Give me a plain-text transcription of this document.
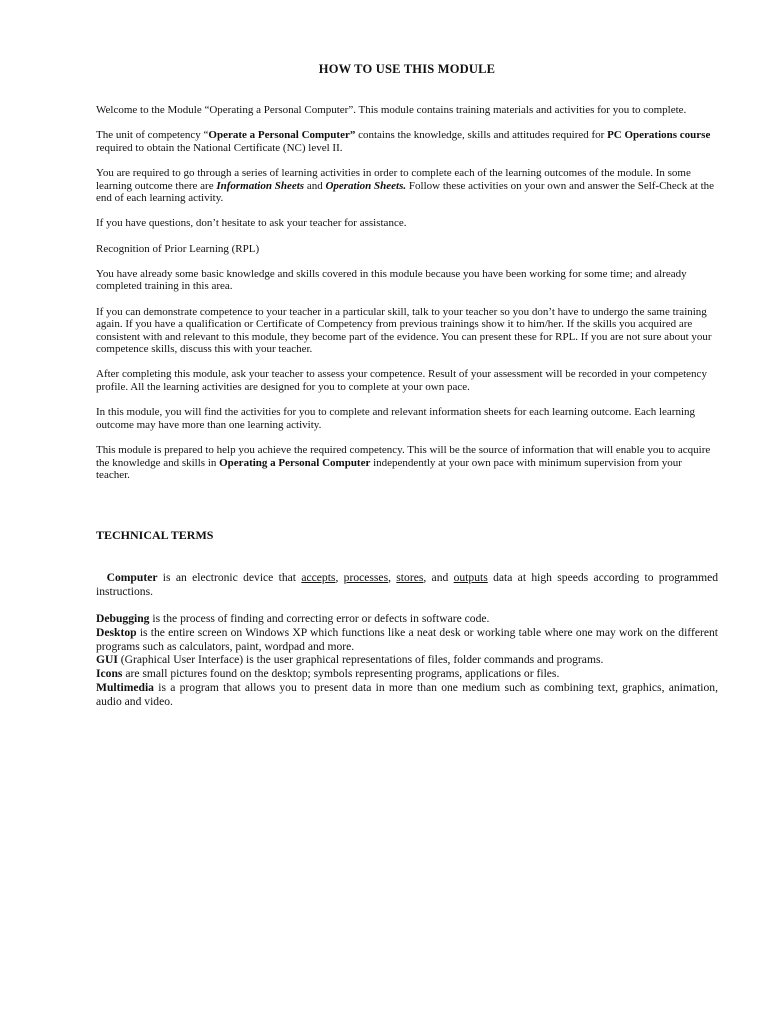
HOW TO USE THIS MODULE

Welcome to the Module “Operating a Personal Computer”. This module contains training materials and activities for you to complete.

The unit of competency “Operate a Personal Computer” contains the knowledge, skills and attitudes required for PC Operations course required to obtain the National Certificate (NC) level II.

You are required to go through a series of learning activities in order to complete each of the learning outcomes of the module. In some learning outcome there are Information Sheets and Operation Sheets. Follow these activities on your own and answer the Self-Check at the end of each learning activity.

If you have questions, don’t hesitate to ask your teacher for assistance.

Recognition of Prior Learning (RPL)

You have already some basic knowledge and skills covered in this module because you have been working for some time; and already completed training in this area.

If you can demonstrate competence to your teacher in a particular skill, talk to your teacher so you don’t have to undergo the same training again. If you have a qualification or Certificate of Competency from previous trainings show it to him/her. If the skills you acquired are consistent with and relevant to this module, they become part of the evidence. You can present these for RPL. If you are not sure about your competence skills, discuss this with your teacher.

After completing this module, ask your teacher to assess your competence. Result of your assessment will be recorded in your competency profile. All the learning activities are designed for you to complete at your own pace.

In this module, you will find the activities for you to complete and relevant information sheets for each learning outcome. Each learning outcome may have more than one learning activity.

This module is prepared to help you achieve the required competency. This will be the source of information that will enable you to acquire the knowledge and skills in Operating a Personal Computer independently at your own pace with minimum supervision from your teacher.

TECHNICAL TERMS

Computer is an electronic device that accepts, processes, stores, and outputs data at high speeds according to programmed instructions.

Debugging is the process of finding and correcting error or defects in software code.

Desktop is the entire screen on Windows XP which functions like a neat desk or working table where one may work on the different programs such as calculators, paint, wordpad and more.

GUI (Graphical User Interface) is the user graphical representations of files, folder commands and programs.

Icons are small pictures found on the desktop; symbols representing programs, applications or files.

Multimedia is a program that allows you to present data in more than one medium such as combining text, graphics, animation, audio and video.
